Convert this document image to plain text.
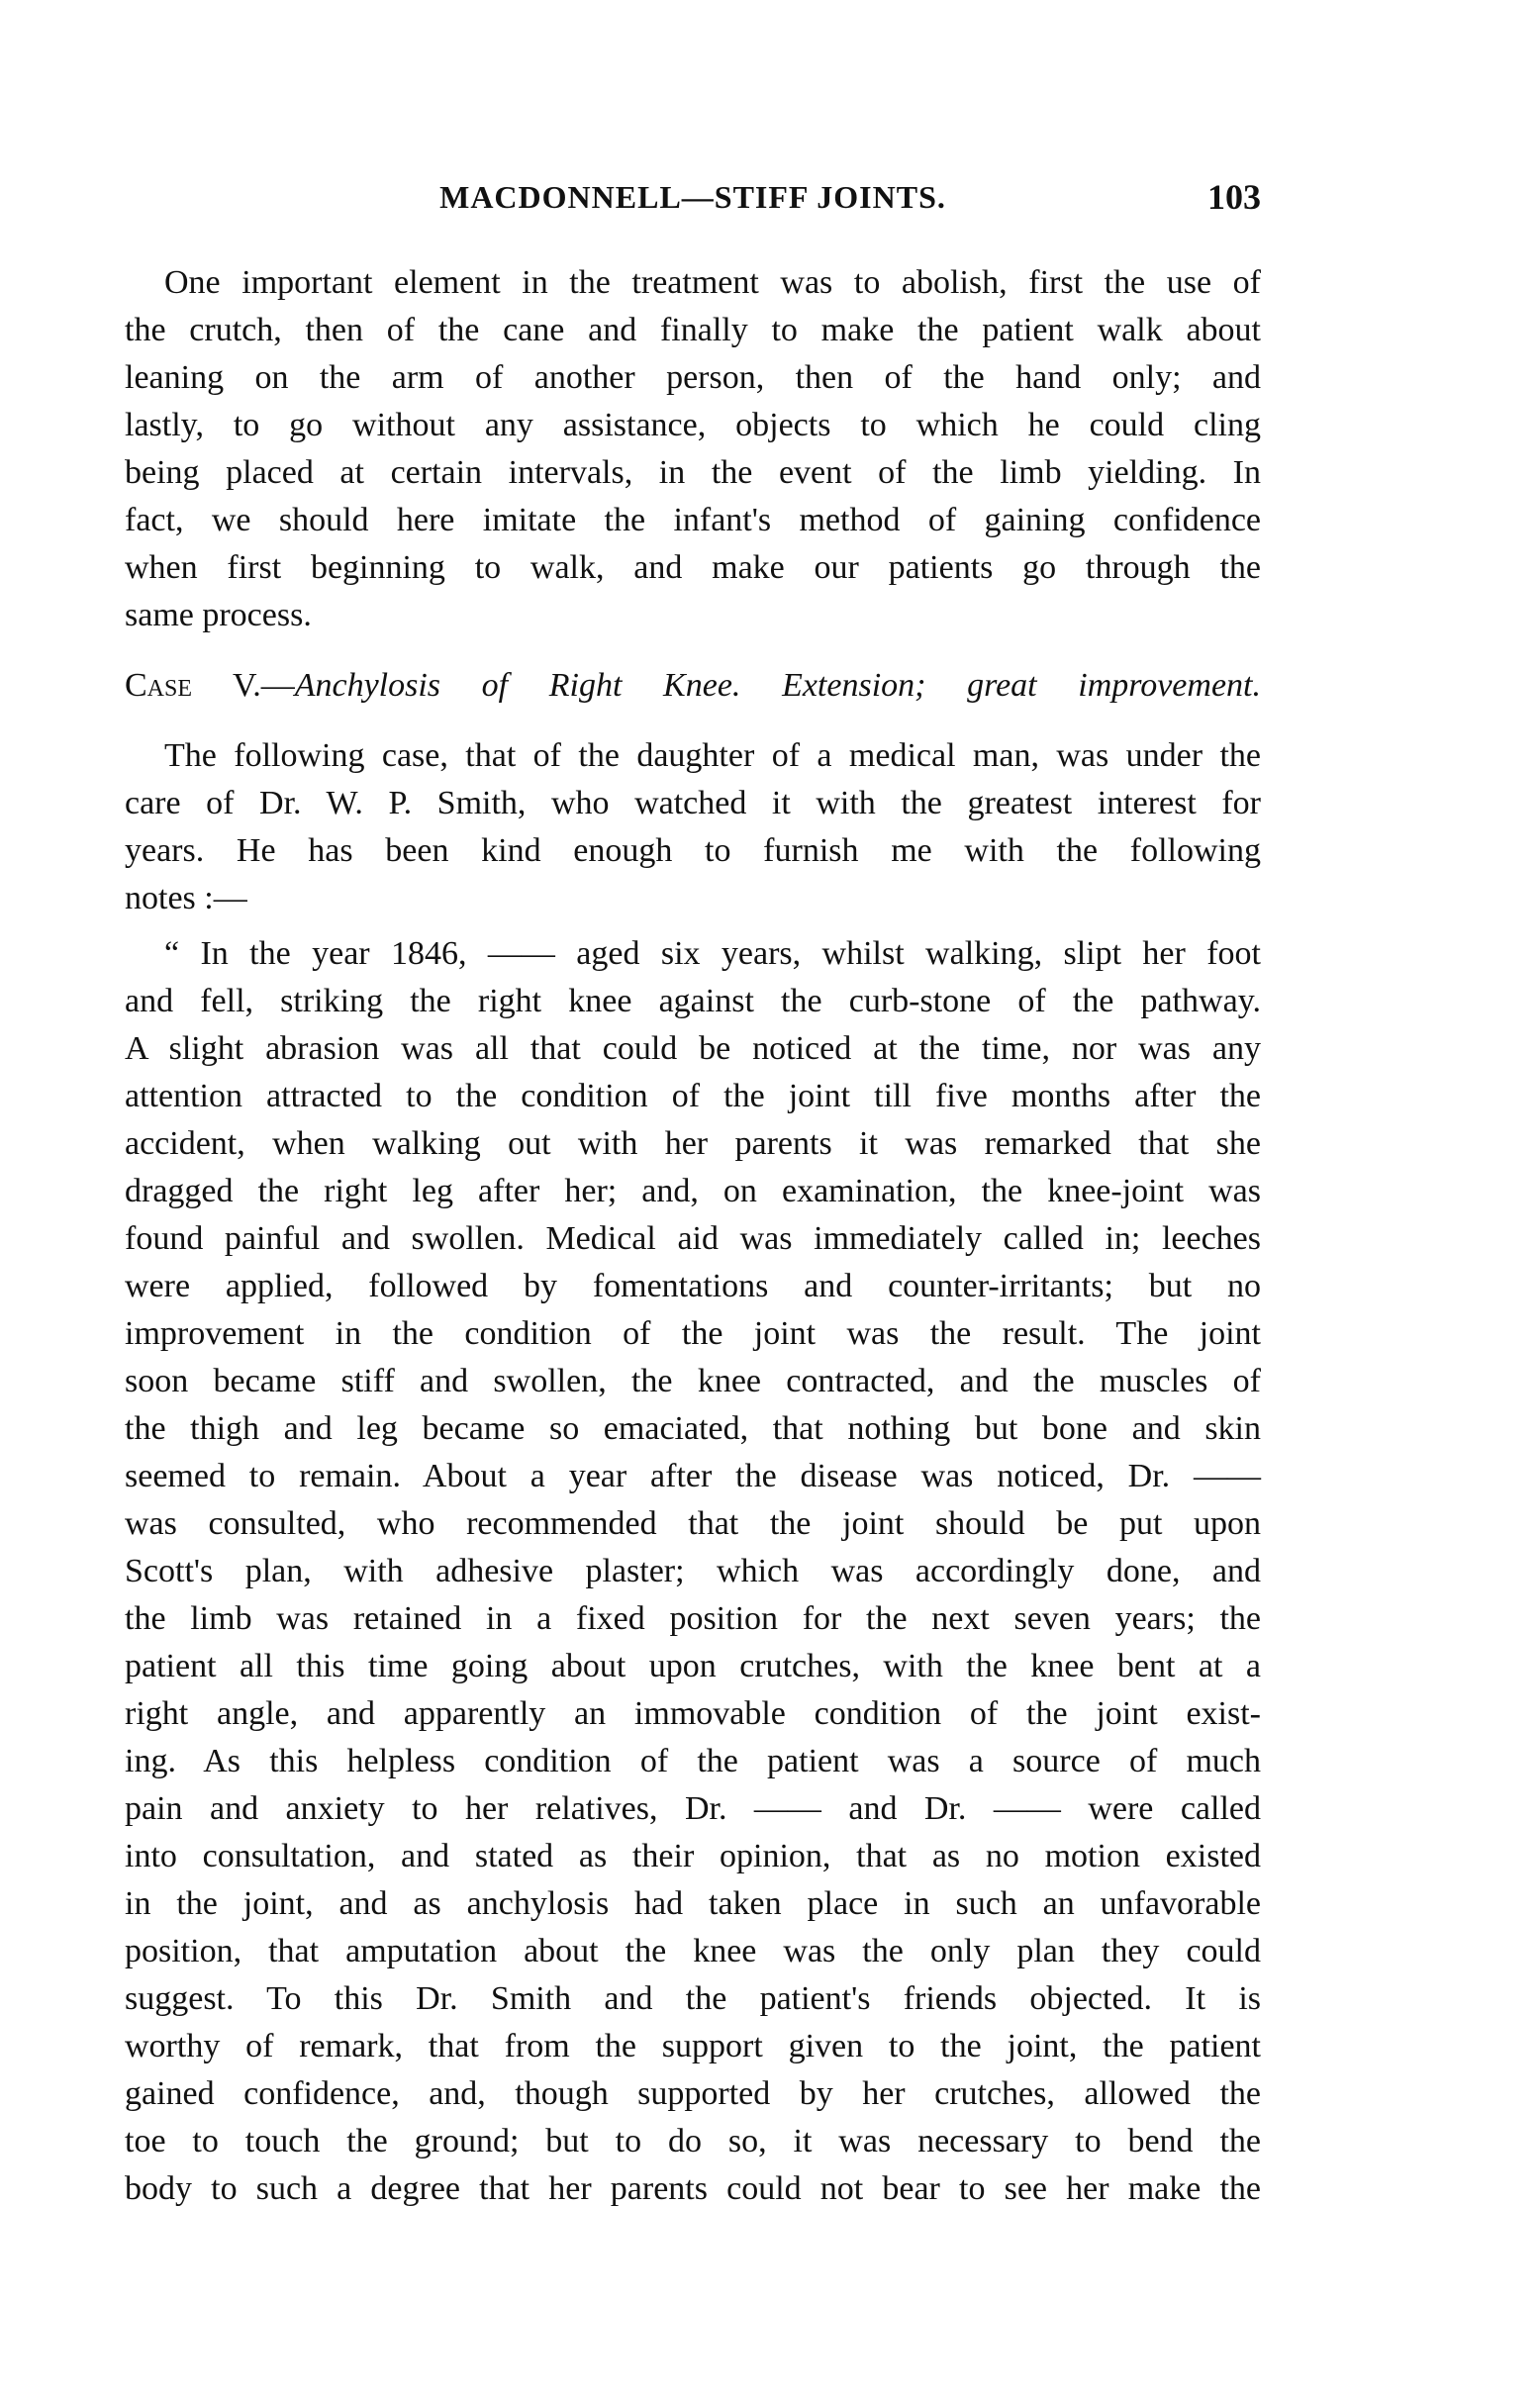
MACDONNELL—STIFF JOINTS.	103
One important element in the treatment was to abolish, first the use of
the crutch, then of the cane and finally to make the patient walk about
leaning on the arm of another person, then of the hand only; and
lastly, to go without any assistance, objects to which he could cling
being placed at certain intervals, in the event of the limb yielding. In
fact, we should here imitate the infant's method of gaining confidence
when first beginning to walk, and make our patients go through the
same process.
Case V.—Anchylosis of Right Knee. Extension; great improvement.
The following case, that of the daughter of a medical man, was under the
care of Dr. W. P. Smith, who watched it with the greatest interest for
years. He has been kind enough to furnish me with the following
notes :—
“ In the year 1846, —— aged six years, whilst walking, slipt her foot
and fell, striking the right knee against the curb-stone of the pathway.
A slight abrasion was all that could be noticed at the time, nor was any
attention attracted to the condition of the joint till five months after the
accident, when walking out with her parents it was remarked that she
dragged the right leg after her; and, on examination, the knee-joint was
found painful and swollen. Medical aid was immediately called in; leeches
were applied, followed by fomentations and counter-irritants; but no
improvement in the condition of the joint was the result. The joint
soon became stiff and swollen, the knee contracted, and the muscles of
the thigh and leg became so emaciated, that nothing but bone and skin
seemed to remain. About a year after the disease was noticed, Dr. ——
was consulted, who recommended that the joint should be put upon
Scott's plan, with adhesive plaster; which was accordingly done, and
the limb was retained in a fixed position for the next seven years; the
patient all this time going about upon crutches, with the knee bent at a
right angle, and apparently an immovable condition of the joint exist-
ing. As this helpless condition of the patient was a source of much
pain and anxiety to her relatives, Dr. —— and Dr. —— were called
into consultation, and stated as their opinion, that as no motion existed
in the joint, and as anchylosis had taken place in such an unfavorable
position, that amputation about the knee was the only plan they could
suggest. To this Dr. Smith and the patient's friends objected. It is
worthy of remark, that from the support given to the joint, the patient
gained confidence, and, though supported by her crutches, allowed the
toe to touch the ground; but to do so, it was necessary to bend the
body to such a degree that her parents could not bear to see her make the
